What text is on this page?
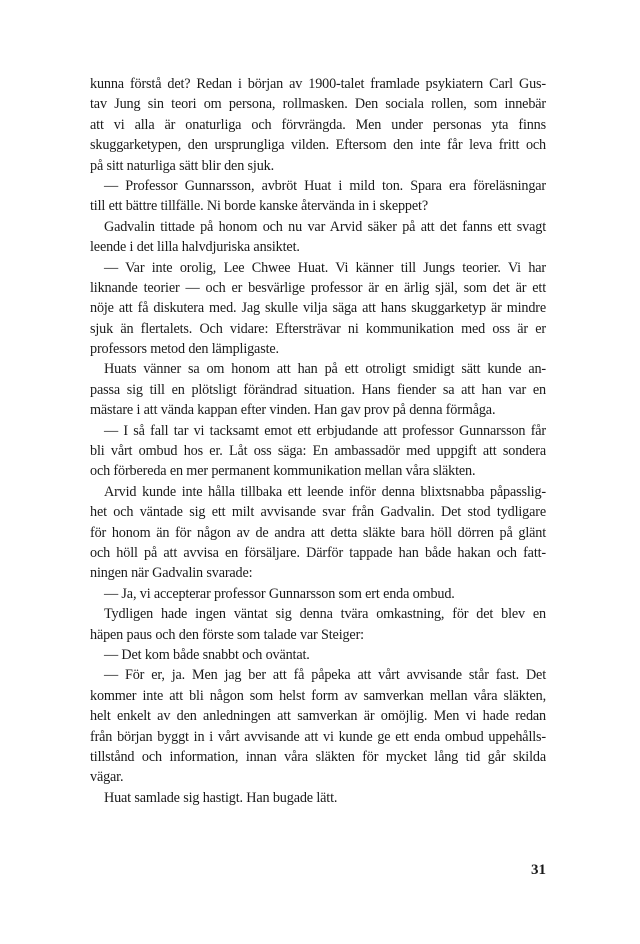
kunna förstå det? Redan i början av 1900-talet framlade psykiatern Carl Gus-
tav Jung sin teori om persona, rollmasken. Den sociala rollen, som innebär
att vi alla är onaturliga och förvrängda. Men under personas yta finns
skuggarketypen, den ursprungliga vilden. Eftersom den inte får leva fritt och
på sitt naturliga sätt blir den sjuk.
— Professor Gunnarsson, avbröt Huat i mild ton. Spara era föreläsningar
till ett bättre tillfälle. Ni borde kanske återvända in i skeppet?
Gadvalin tittade på honom och nu var Arvid säker på att det fanns ett svagt
leende i det lilla halvdjuriska ansiktet.
— Var inte orolig, Lee Chwee Huat. Vi känner till Jungs teorier. Vi har
liknande teorier — och er besvärlige professor är en ärlig själ, som det är ett
nöje att få diskutera med. Jag skulle vilja säga att hans skuggarketyp är mindre
sjuk än flertalets. Och vidare: Eftersträvar ni kommunikation med oss är er
professors metod den lämpligaste.
Huats vänner sa om honom att han på ett otroligt smidigt sätt kunde an-
passa sig till en plötsligt förändrad situation. Hans fiender sa att han var en
mästare i att vända kappan efter vinden. Han gav prov på denna förmåga.
— I så fall tar vi tacksamt emot ett erbjudande att professor Gunnarsson får
bli vårt ombud hos er. Låt oss säga: En ambassadör med uppgift att sondera
och förbereda en mer permanent kommunikation mellan våra släkten.
Arvid kunde inte hålla tillbaka ett leende inför denna blixtsnabba påpasslig-
het och väntade sig ett milt avvisande svar från Gadvalin. Det stod tydligare
för honom än för någon av de andra att detta släkte bara höll dörren på glänt
och höll på att avvisa en försäljare. Därför tappade han både hakan och fatt-
ningen när Gadvalin svarade:
— Ja, vi accepterar professor Gunnarsson som ert enda ombud.
Tydligen hade ingen väntat sig denna tvära omkastning, för det blev en
häpen paus och den förste som talade var Steiger:
— Det kom både snabbt och oväntat.
— För er, ja. Men jag ber att få påpeka att vårt avvisande står fast. Det
kommer inte att bli någon som helst form av samverkan mellan våra släkten,
helt enkelt av den anledningen att samverkan är omöjlig. Men vi hade redan
från början byggt in i vårt avvisande att vi kunde ge ett enda ombud uppehålls-
tillstånd och information, innan våra släkten för mycket lång tid går skilda
vägar.
Huat samlade sig hastigt. Han bugade lätt.
31
